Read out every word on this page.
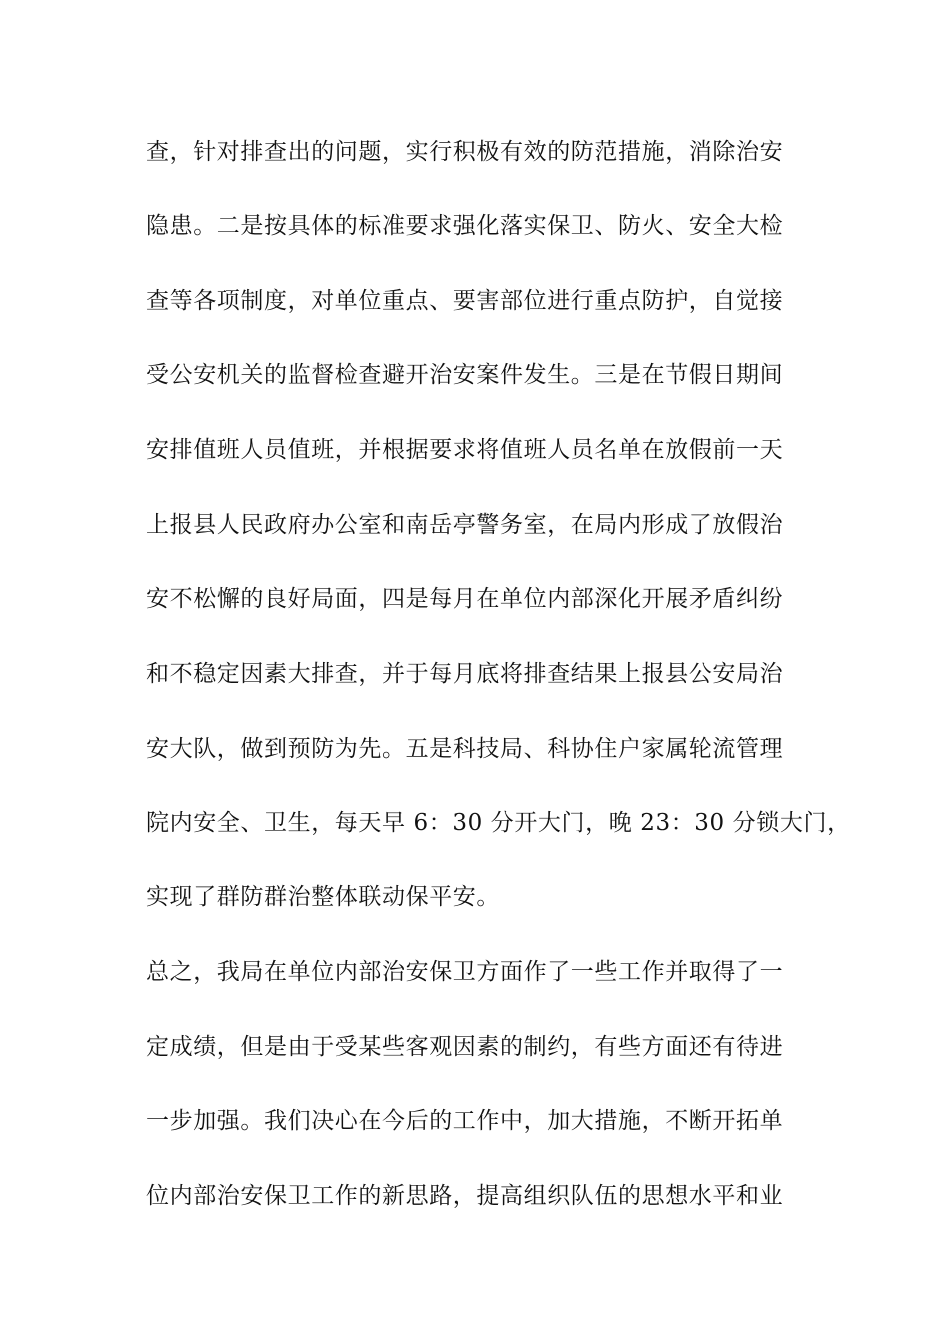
查，针对排查出的问题，实行积极有效的防范措施，消除治安
隐患。二是按具体的标准要求强化落实保卫、防火、安全大检
查等各项制度，对单位重点、要害部位进行重点防护，自觉接
受公安机关的监督检查避开治安案件发生。三是在节假日期间
安排值班人员值班，并根据要求将值班人员名单在放假前一天
上报县人民政府办公室和南岳亭警务室，在局内形成了放假治
安不松懈的良好局面，四是每月在单位内部深化开展矛盾纠纷
和不稳定因素大排查，并于每月底将排查结果上报县公安局治
安大队，做到预防为先。五是科技局、科协住户家属轮流管理
院内安全、卫生，每天早 6：30 分开大门，晚 23：30 分锁大门，
实现了群防群治整体联动保平安。
总之，我局在单位内部治安保卫方面作了一些工作并取得了一
定成绩，但是由于受某些客观因素的制约，有些方面还有待进
一步加强。我们决心在今后的工作中，加大措施，不断开拓单
位内部治安保卫工作的新思路，提高组织队伍的思想水平和业
